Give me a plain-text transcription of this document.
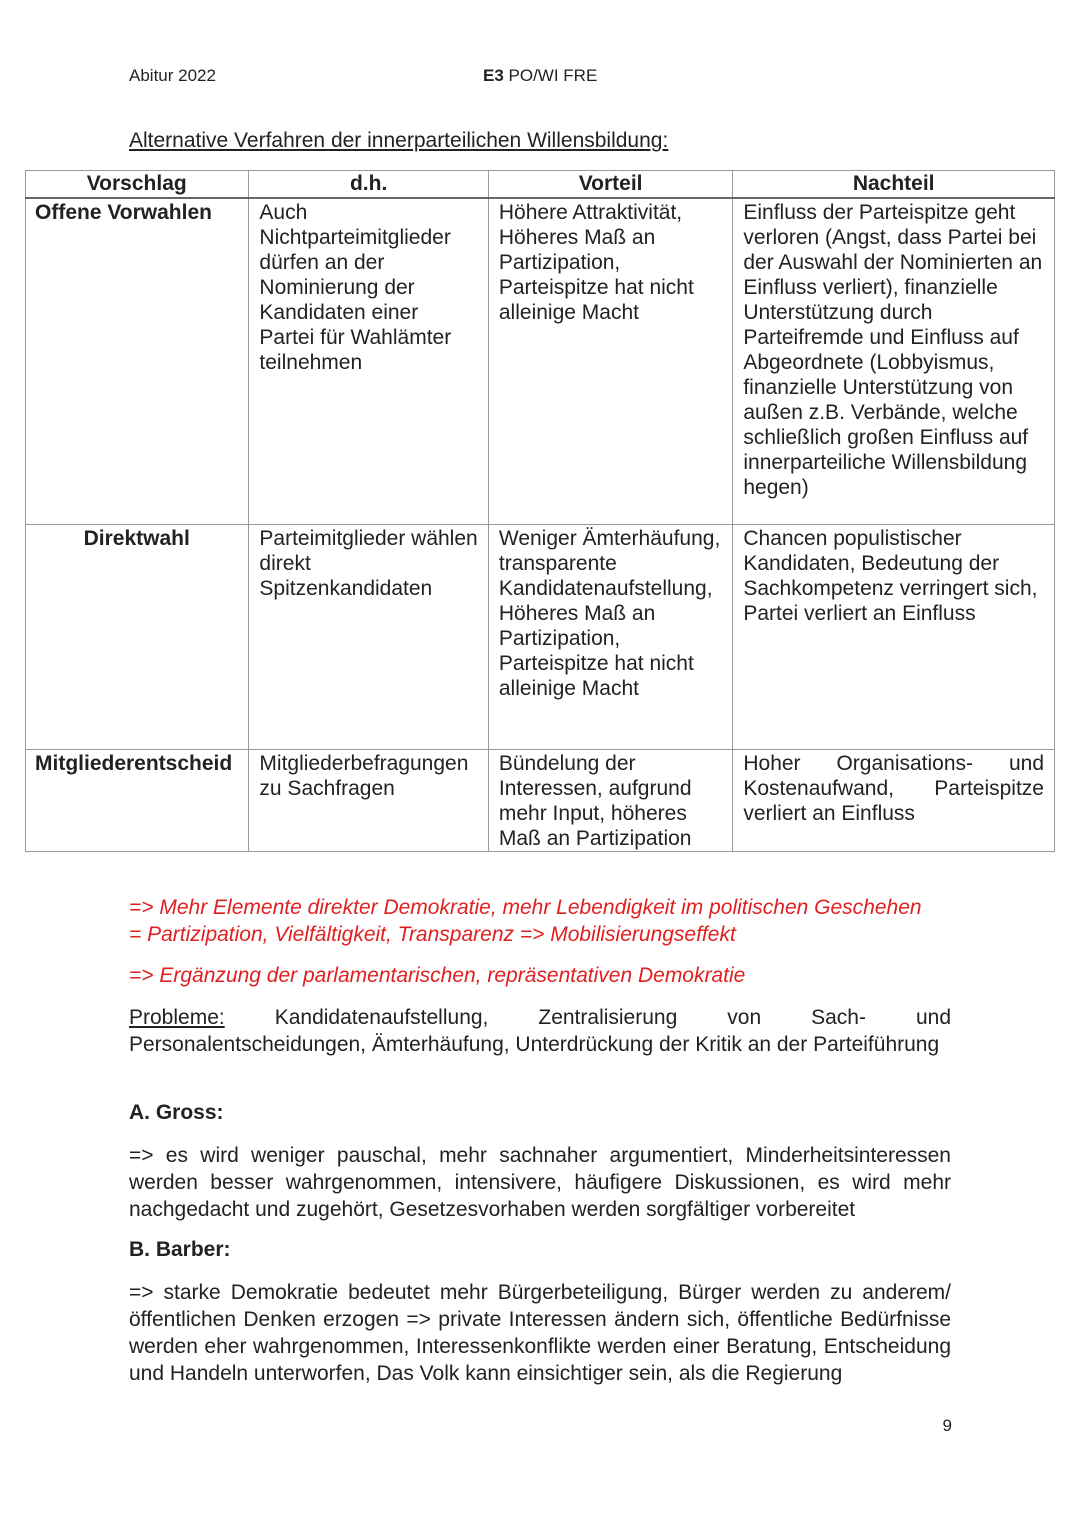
Abitur 2022	E3 PO/WI FRE
Alternative Verfahren der innerparteilichen Willensbildung:
Vorschlag	d.h.	Vorteil	Nachteil
Offene Vorwahlen	Auch Nichtparteimitglieder dürfen an der Nominierung der Kandidaten einer Partei für Wahlämter teilnehmen	Höhere Attraktivität, Höheres Maß an Partizipation, Parteispitze hat nicht alleinige Macht	Einfluss der Parteispitze geht verloren (Angst, dass Partei bei der Auswahl der Nominierten an Einfluss verliert), finanzielle Unterstützung durch Parteifremde und Einfluss auf Abgeordnete (Lobbyismus, finanzielle Unterstützung von außen z.B. Verbände, welche schließlich großen Einfluss auf innerparteiliche Willensbildung hegen)
Direktwahl	Parteimitglieder wählen direkt Spitzenkandidaten	Weniger Ämterhäufung, transparente Kandidatenaufstellung, Höheres Maß an Partizipation, Parteispitze hat nicht alleinige Macht	Chancen populistischer Kandidaten, Bedeutung der Sachkompetenz verringert sich, Partei verliert an Einfluss
Mitgliederentscheid	Mitgliederbefragungen zu Sachfragen	Bündelung der Interessen, aufgrund mehr Input, höheres Maß an Partizipation	Hoher Organisations- und Kostenaufwand, Parteispitze verliert an Einfluss
=> Mehr Elemente direkter Demokratie, mehr Lebendigkeit im politischen Geschehen
= Partizipation, Vielfältigkeit, Transparenz => Mobilisierungseffekt
=> Ergänzung der parlamentarischen, repräsentativen Demokratie
Probleme: Kandidatenaufstellung, Zentralisierung von Sach- und Personalentscheidungen, Ämterhäufung, Unterdrückung der Kritik an der Parteiführung
A. Gross:
=> es wird weniger pauschal, mehr sachnaher argumentiert, Minderheitsinteressen werden besser wahrgenommen, intensivere, häufigere Diskussionen, es wird mehr nachgedacht und zugehört, Gesetzesvorhaben werden sorgfältiger vorbereitet
B. Barber:
=> starke Demokratie bedeutet mehr Bürgerbeteiligung, Bürger werden zu anderem/öffentlichen Denken erzogen => private Interessen ändern sich, öffentliche Bedürfnisse werden eher wahrgenommen, Interessenkonflikte werden einer Beratung, Entscheidung und Handeln unterworfen, Das Volk kann einsichtiger sein, als die Regierung
9
